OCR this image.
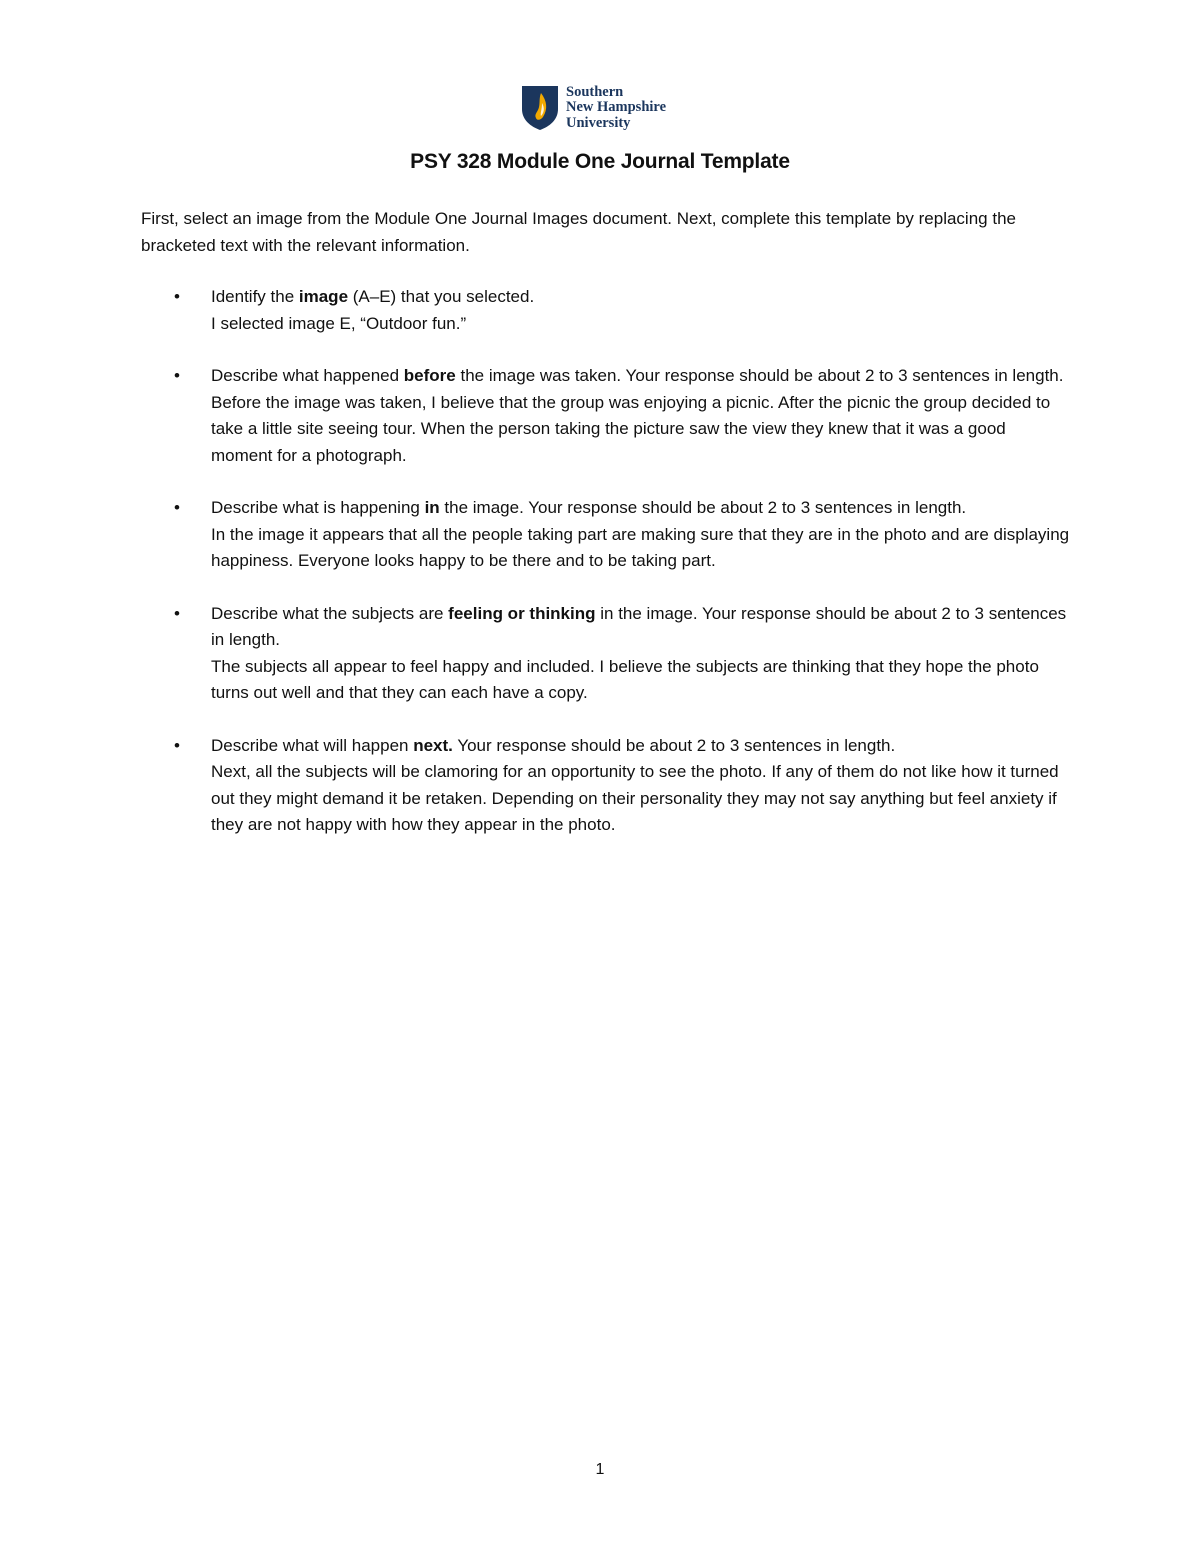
Southern
New Hampshire
University
PSY 328 Module One Journal Template

First, select an image from the Module One Journal Images document. Next, complete this template by replacing the bracketed text with the relevant information.

• Identify the image (A–E) that you selected.

I selected image E, “Outdoor fun.”

• Describe what happened before the image was taken. Your response should be about 2 to 3 sentences in length.

Before the image was taken, I believe that the group was enjoying a picnic. After the picnic the group decided to take a little site seeing tour. When the person taking the picture saw the view they knew that it was a good moment for a photograph.

• Describe what is happening in the image. Your response should be about 2 to 3 sentences in length.

In the image it appears that all the people taking part are making sure that they are in the photo and are displaying happiness. Everyone looks happy to be there and to be taking part.

• Describe what the subjects are feeling or thinking in the image. Your response should be about 2 to 3 sentences in length.

The subjects all appear to feel happy and included. I believe the subjects are thinking that they hope the photo turns out well and that they can each have a copy.

• Describe what will happen next. Your response should be about 2 to 3 sentences in length.

Next, all the subjects will be clamoring for an opportunity to see the photo. If any of them do not like how it turned out they might demand it be retaken. Depending on their personality they may not say anything but feel anxiety if they are not happy with how they appear in the photo.

1
